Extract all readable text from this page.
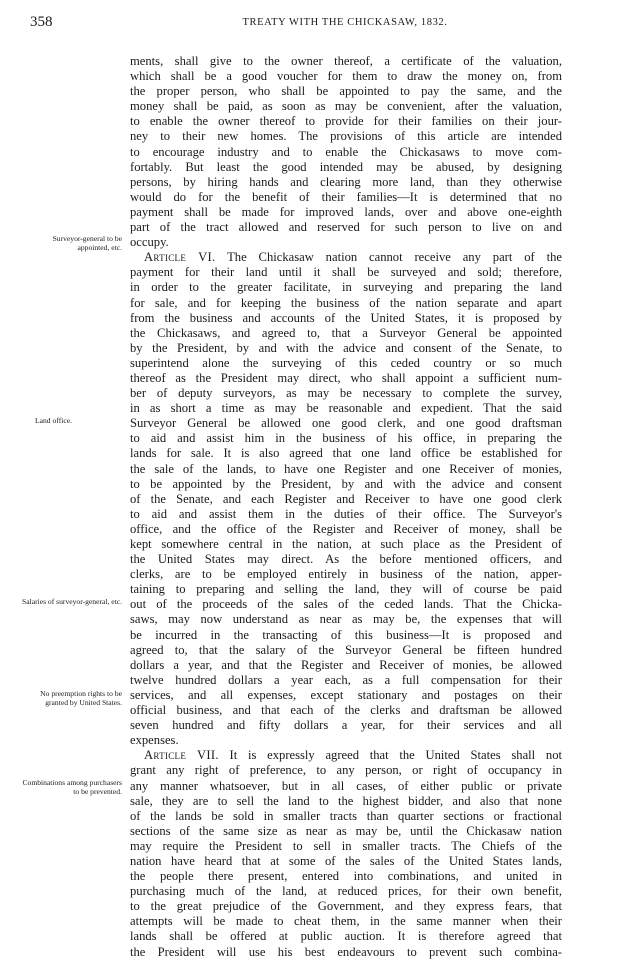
358	TREATY WITH THE CHICKASAW, 1832.
Surveyor-general to be appointed, etc.
Land office.
Salaries of surveyor-general, etc.
No preemption rights to be granted by United States.
Combinations among purchasers to be prevented.
ments, shall give to the owner thereof, a certificate of the valuation,
which shall be a good voucher for them to draw the money on, from
the proper person, who shall be appointed to pay the same, and the
money shall be paid, as soon as may be convenient, after the valuation,
to enable the owner thereof to provide for their families on their jour-
ney to their new homes. The provisions of this article are intended
to encourage industry and to enable the Chickasaws to move com-
fortably. But least the good intended may be abused, by designing
persons, by hiring hands and clearing more land, than they otherwise
would do for the benefit of their families—It is determined that no
payment shall be made for improved lands, over and above one-eighth
part of the tract allowed and reserved for such person to live on and
occupy.
Article VI. The Chickasaw nation cannot receive any part of the
payment for their land until it shall be surveyed and sold; therefore,
in order to the greater facilitate, in surveying and preparing the land
for sale, and for keeping the business of the nation separate and apart
from the business and accounts of the United States, it is proposed by
the Chickasaws, and agreed to, that a Surveyor General be appointed
by the President, by and with the advice and consent of the Senate, to
superintend alone the surveying of this ceded country or so much
thereof as the President may direct, who shall appoint a sufficient num-
ber of deputy surveyors, as may be necessary to complete the survey,
in as short a time as may be reasonable and expedient. That the said
Surveyor General be allowed one good clerk, and one good draftsman
to aid and assist him in the business of his office, in preparing the
lands for sale. It is also agreed that one land office be established for
the sale of the lands, to have one Register and one Receiver of monies,
to be appointed by the President, by and with the advice and consent
of the Senate, and each Register and Receiver to have one good clerk
to aid and assist them in the duties of their office. The Surveyor's
office, and the office of the Register and Receiver of money, shall be
kept somewhere central in the nation, at such place as the President of
the United States may direct. As the before mentioned officers, and
clerks, are to be employed entirely in business of the nation, apper-
taining to preparing and selling the land, they will of course be paid
out of the proceeds of the sales of the ceded lands. That the Chicka-
saws, may now understand as near as may be, the expenses that will
be incurred in the transacting of this business—It is proposed and
agreed to, that the salary of the Surveyor General be fifteen hundred
dollars a year, and that the Register and Receiver of monies, be allowed
twelve hundred dollars a year each, as a full compensation for their
services, and all expenses, except stationary and postages on their
official business, and that each of the clerks and draftsman be allowed
seven hundred and fifty dollars a year, for their services and all
expenses.
Article VII. It is expressly agreed that the United States shall not
grant any right of preference, to any person, or right of occupancy in
any manner whatsoever, but in all cases, of either public or private
sale, they are to sell the land to the highest bidder, and also that none
of the lands be sold in smaller tracts than quarter sections or fractional
sections of the same size as near as may be, until the Chickasaw nation
may require the President to sell in smaller tracts. The Chiefs of the
nation have heard that at some of the sales of the United States lands,
the people there present, entered into combinations, and united in
purchasing much of the land, at reduced prices, for their own benefit,
to the great prejudice of the Government, and they express fears, that
attempts will be made to cheat them, in the same manner when their
lands shall be offered at public auction. It is therefore agreed that
the President will use his best endeavours to prevent such combina-
